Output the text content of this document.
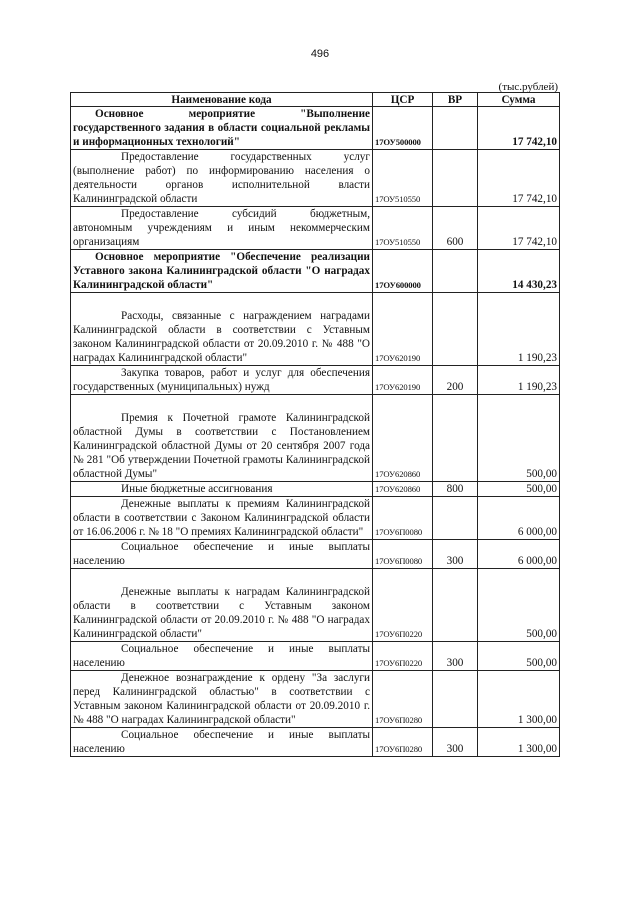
496
(тыс.рублей)
Наименование кода	ЦСР	ВР	Сумма
Основное мероприятие "Выполнение государственного задания в области социальной рекламы и информационных технологий"	17ОУ500000		17 742,10
Предоставление государственных услуг (выполнение работ) по информированию населения о деятельности органов исполнительной власти Калининградской области	17ОУ510550		17 742,10
Предоставление субсидий бюджетным, автономным учреждениям и иным некоммерческим организациям	17ОУ510550	600	17 742,10
Основное мероприятие "Обеспечение реализации Уставного закона Калининградской области "О наградах Калининградской области"	17ОУ600000		14 430,23
Расходы, связанные с награждением наградами Калининградской области в соответствии с Уставным законом Калининградской области от 20.09.2010 г. № 488 "О наградах Калининградской области"	17ОУ620190		1 190,23
Закупка товаров, работ и услуг для обеспечения государственных (муниципальных) нужд	17ОУ620190	200	1 190,23
Премия к Почетной грамоте Калининградской областной Думы в соответствии с Постановлением Калининградской областной Думы от 20 сентября 2007 года № 281 "Об утверждении Почетной грамоты Калининградской областной Думы"	17ОУ620860		500,00
Иные бюджетные ассигнования	17ОУ620860	800	500,00
Денежные выплаты к премиям Калининградской области в соответствии с Законом Калининградской области от 16.06.2006 г. № 18 "О премиях Калининградской области"	17ОУ6П0080		6 000,00
Социальное обеспечение и иные выплаты населению	17ОУ6П0080	300	6 000,00
Денежные выплаты к наградам Калининградской области в соответствии с Уставным законом Калининградской области от 20.09.2010 г. № 488 "О наградах Калининградской области"	17ОУ6П0220		500,00
Социальное обеспечение и иные выплаты населению	17ОУ6П0220	300	500,00
Денежное вознаграждение к ордену "За заслуги перед Калининградской областью" в соответствии с Уставным законом Калининградской области от 20.09.2010 г. № 488 "О наградах Калининградской области"	17ОУ6П0280		1 300,00
Социальное обеспечение и иные выплаты населению	17ОУ6П0280	300	1 300,00
